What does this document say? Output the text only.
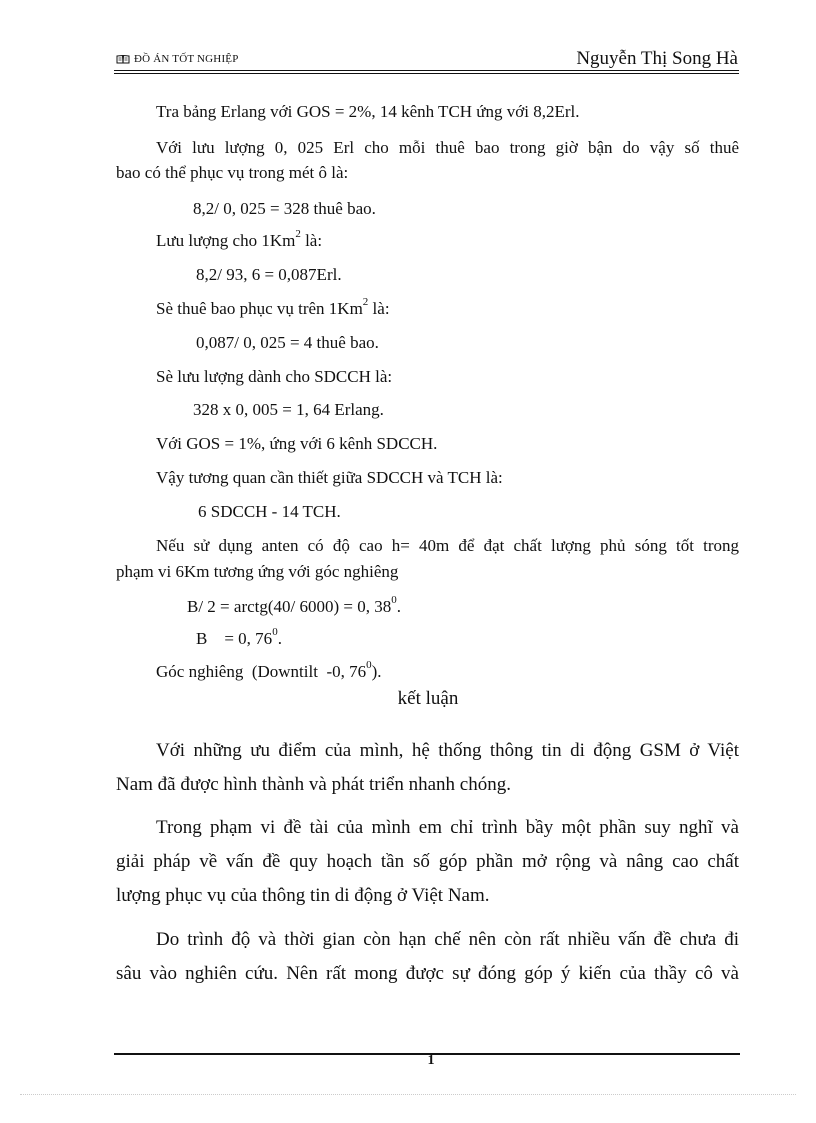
ĐỒ ÁN TỐT NGHIỆP	Nguyễn Thị Song Hà
Tra bảng Erlang với GOS = 2%, 14 kênh TCH ứng với 8,2Erl.
Với lưu lượng 0, 025 Erl cho mỗi thuê bao trong giờ bận do vậy số thuê
bao có thể phục vụ trong mét ô là:
8,2/ 0, 025 = 328 thuê bao.
Lưu lượng cho 1Km$^2$ là:
8,2/ 93, 6 = 0,087Erl.
Sè thuê bao phục vụ trên 1Km$^2$ là:
0,087/ 0, 025 = 4 thuê bao.
Sè lưu lượng dành cho SDCCH là:
328 x 0, 005 = 1, 64 Erlang.
Với GOS = 1%, ứng với 6 kênh SDCCH.
Vậy tương quan cần thiết giữa SDCCH và TCH là:
6 SDCCH - 14 TCH.
Nếu sử dụng anten có độ cao h= 40m để đạt chất lượng phủ sóng tốt trong
phạm vi 6Km tương ứng với góc nghiêng
B/ 2 = arctg(40/ 6000) = 0, $38^0$.
B    = 0, $76^0$.
Góc nghiêng  (Downtilt  -0, $76^0$).
kết luận
Với những ưu điểm của mình, hệ thống thông tin di động GSM ở Việt
Nam đã được hình thành và phát triển nhanh chóng.
Trong phạm vi đề tài của mình em chỉ trình bầy một phần suy nghĩ và
giải pháp về vấn đề quy hoạch tần số góp phần mở rộng và nâng cao chất
lượng phục vụ của thông tin di động ở Việt Nam.
Do trình độ và thời gian còn hạn chế nên còn rất nhiều vấn đề chưa đi
sâu vào nghiên cứu. Nên rất mong được sự đóng góp ý kiến của thầy cô và
1
